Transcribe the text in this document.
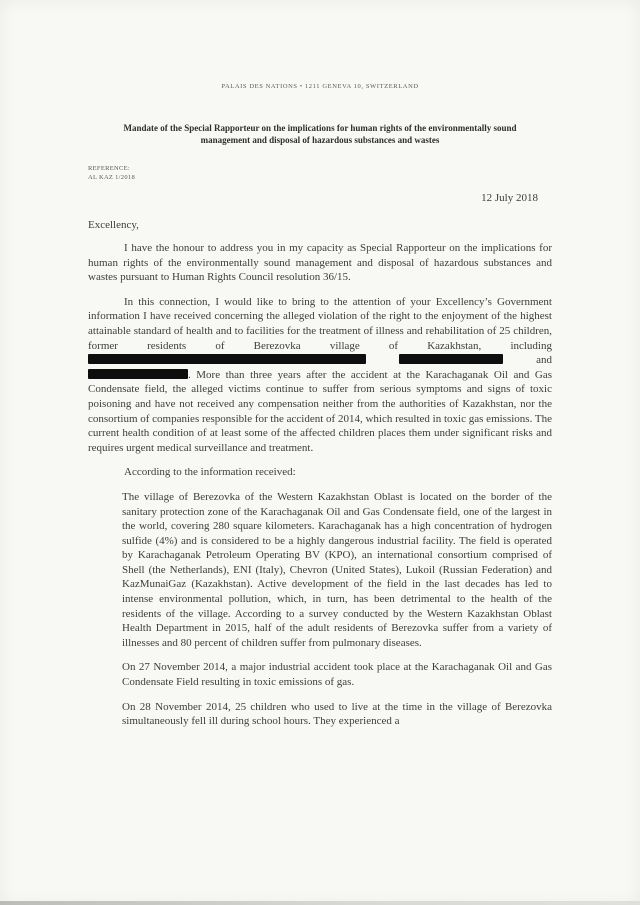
PALAIS DES NATIONS • 1211 GENEVA 10, SWITZERLAND
Mandate of the Special Rapporteur on the implications for human rights of the environmentally sound management and disposal of hazardous substances and wastes
REFERENCE:
AL KAZ 1/2018
12 July 2018
Excellency,

I have the honour to address you in my capacity as Special Rapporteur on the implications for human rights of the environmentally sound management and disposal of hazardous substances and wastes pursuant to Human Rights Council resolution 36/15.

In this connection, I would like to bring to the attention of your Excellency’s Government information I have received concerning the alleged violation of the right to the enjoyment of the highest attainable standard of health and to facilities for the treatment of illness and rehabilitation of 25 children, former residents of Berezovka village of Kazakhstan, including   and . More than three years after the accident at the Karachaganak Oil and Gas Condensate field, the alleged victims continue to suffer from serious symptoms and signs of toxic poisoning and have not received any compensation neither from the authorities of Kazakhstan, nor the consortium of companies responsible for the accident of 2014, which resulted in toxic gas emissions. The current health condition of at least some of the affected children places them under significant risks and requires urgent medical surveillance and treatment.

According to the information received:

The village of Berezovka of the Western Kazakhstan Oblast is located on the border of the sanitary protection zone of the Karachaganak Oil and Gas Condensate field, one of the largest in the world, covering 280 square kilometers. Karachaganak has a high concentration of hydrogen sulfide (4%) and is considered to be a highly dangerous industrial facility. The field is operated by Karachaganak Petroleum Operating BV (KPO), an international consortium comprised of Shell (the Netherlands), ENI (Italy), Chevron (United States), Lukoil (Russian Federation) and KazMunaiGaz (Kazakhstan). Active development of the field in the last decades has led to intense environmental pollution, which, in turn, has been detrimental to the health of the residents of the village. According to a survey conducted by the Western Kazakhstan Oblast Health Department in 2015, half of the adult residents of Berezovka suffer from a variety of illnesses and 80 percent of children suffer from pulmonary diseases.

On 27 November 2014, a major industrial accident took place at the Karachaganak Oil and Gas Condensate Field resulting in toxic emissions of gas.

On 28 November 2014, 25 children who used to live at the time in the village of Berezovka simultaneously fell ill during school hours. They experienced a
